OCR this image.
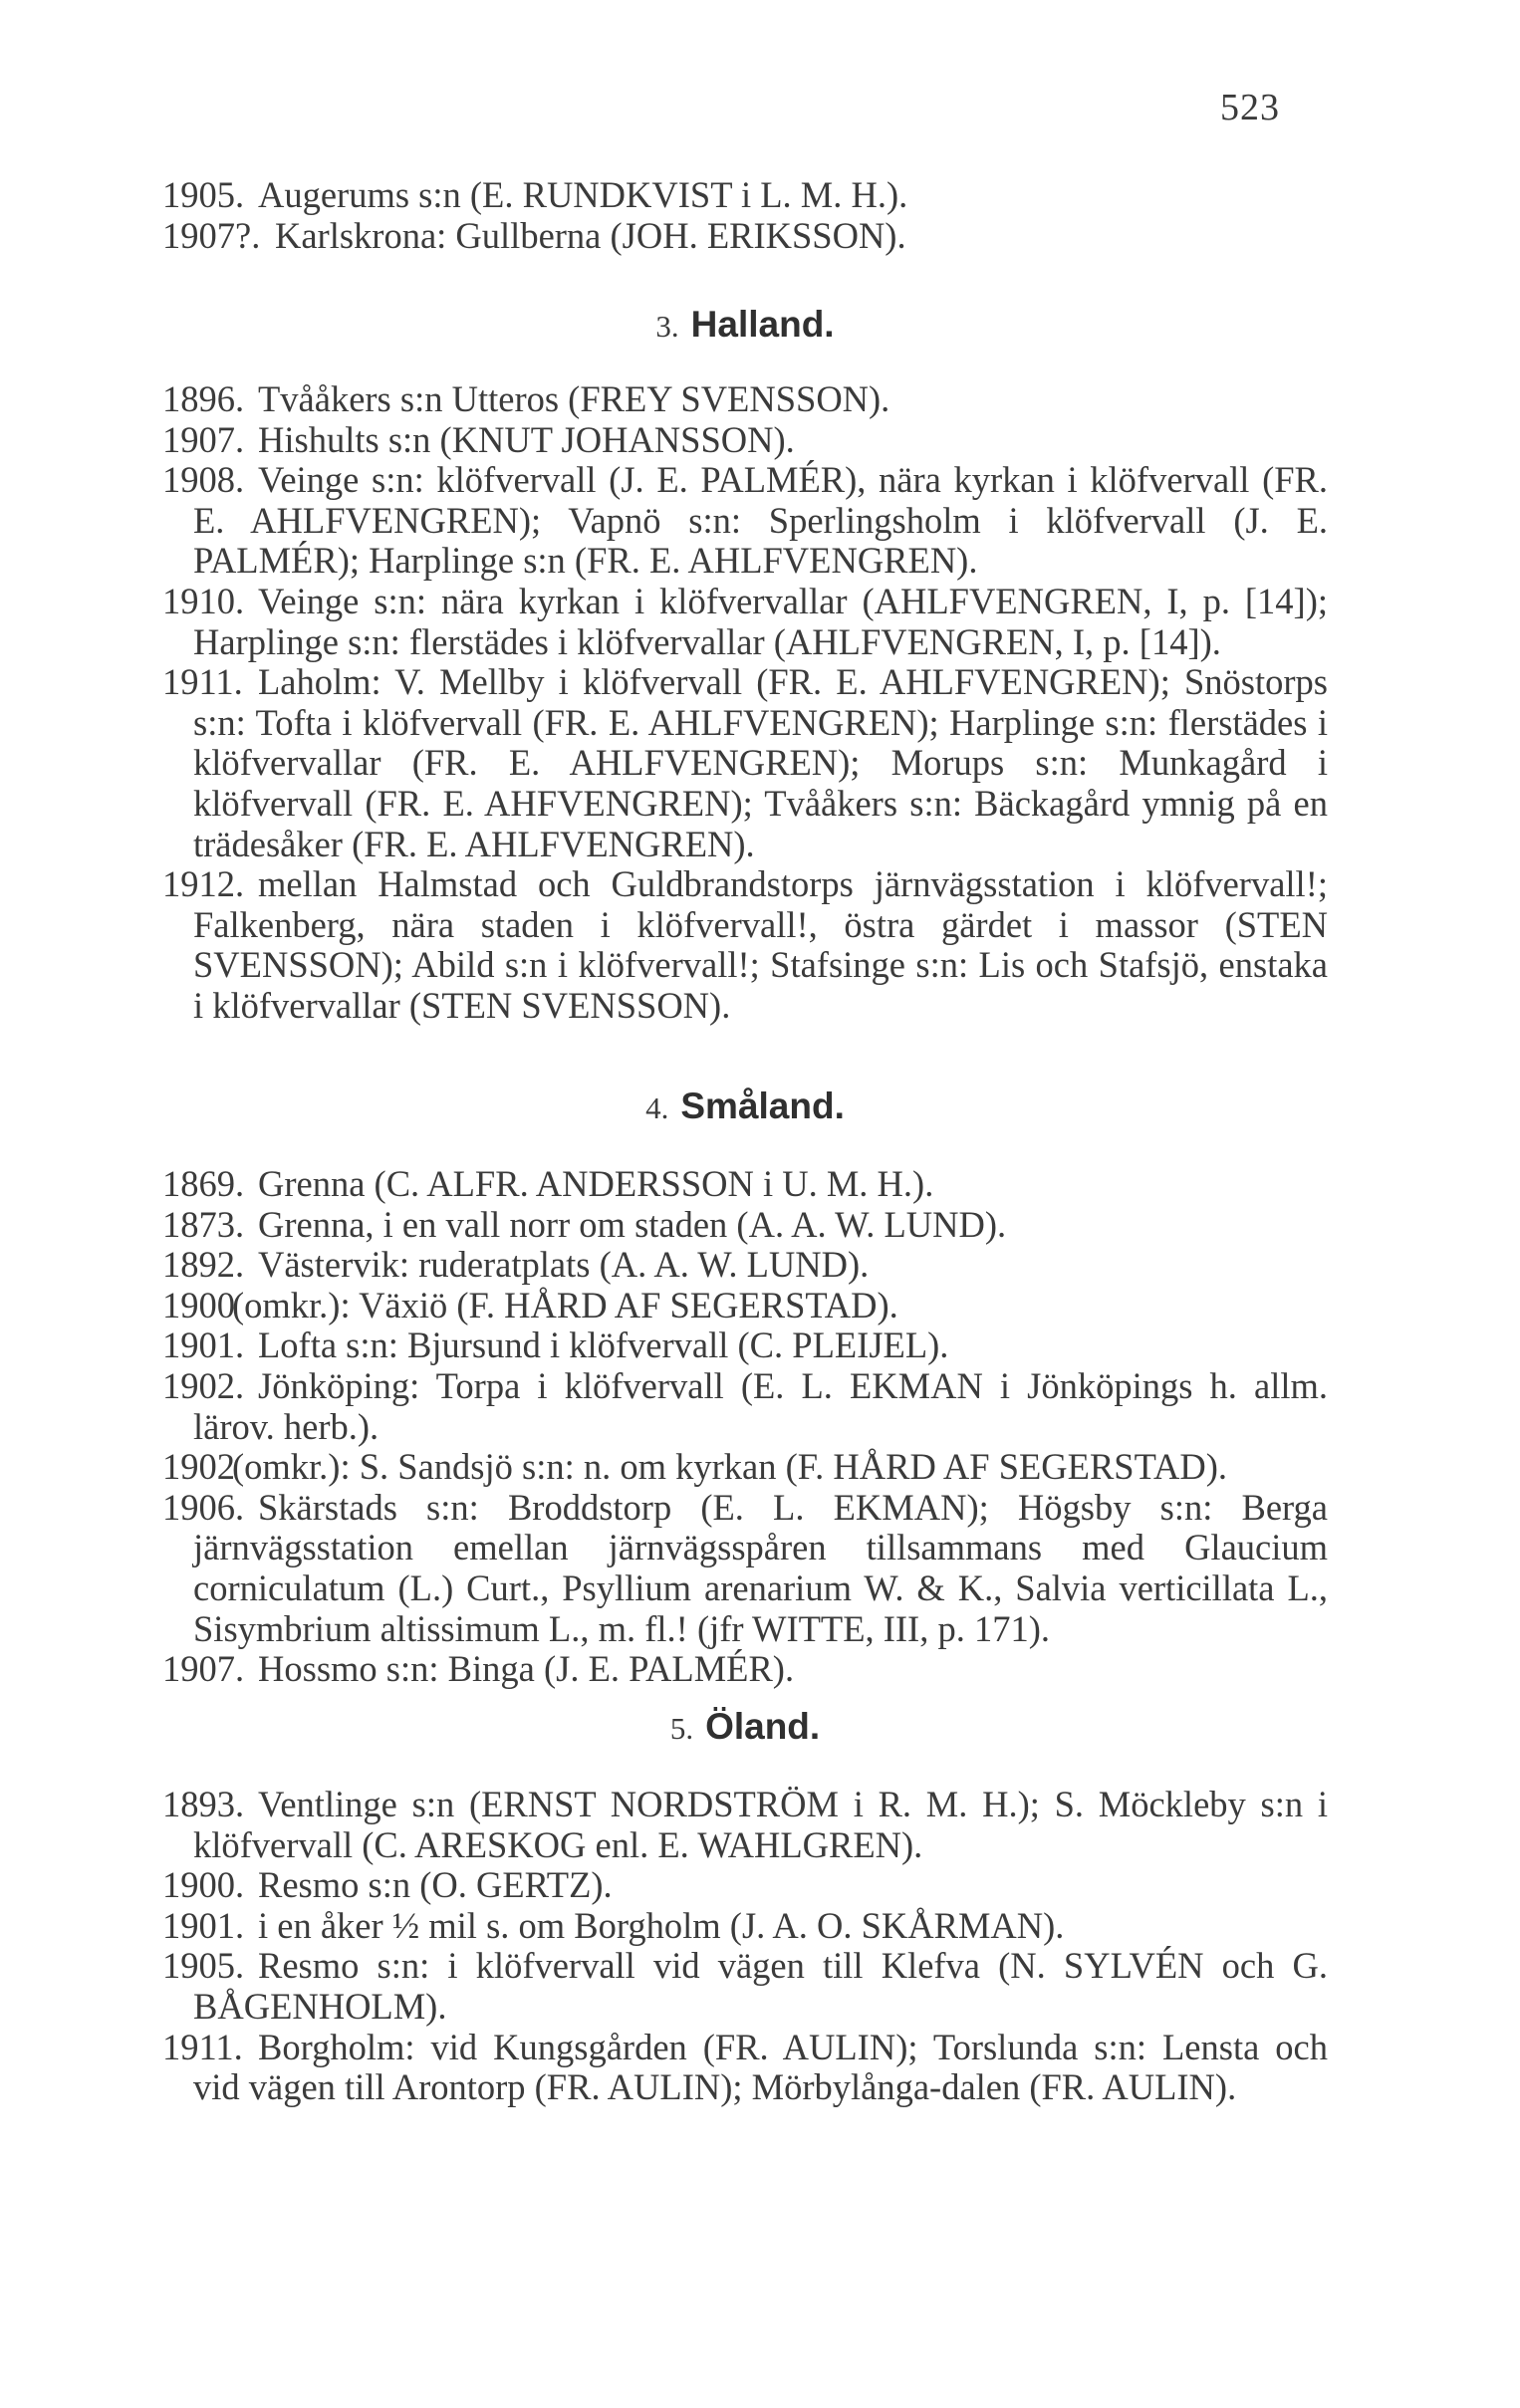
523
1905. Augerums s:n (E. RUNDKVIST i L. M. H.).
1907?. Karlskrona: Gullberna (JOH. ERIKSSON).
3. Halland.
1896. Tvååkers s:n Utteros (FREY SVENSSON).
1907. Hishults s:n (KNUT JOHANSSON).
1908. Veinge s:n: klöfvervall (J. E. PALMÉR), nära kyrkan i klöfvervall (FR. E. AHLFVENGREN); Vapnö s:n: Sperlingsholm i klöfvervall (J. E. PALMÉR); Harplinge s:n (FR. E. AHLFVENGREN).
1910. Veinge s:n: nära kyrkan i klöfvervallar (AHLFVENGREN, I, p. [14]); Harplinge s:n: flerstädes i klöfvervallar (AHLFVENGREN, I, p. [14]).
1911. Laholm: V. Mellby i klöfvervall (FR. E. AHLFVENGREN); Snöstorps s:n: Tofta i klöfvervall (FR. E. AHLFVENGREN); Harplinge s:n: flerstädes i klöfvervallar (FR. E. AHLFVENGREN); Morups s:n: Munkagård i klöfvervall (FR. E. AHFVENGREN); Tvååkers s:n: Bäckagård ymnig på en trädesåker (FR. E. AHLFVENGREN).
1912. mellan Halmstad och Guldbrandstorps järnvägsstation i klöfvervall!; Falkenberg, nära staden i klöfvervall!, östra gärdet i massor (STEN SVENSSON); Abild s:n i klöfvervall!; Stafsinge s:n: Lis och Stafsjö, enstaka i klöfvervallar (STEN SVENSSON).
4. Småland.
1869. Grenna (C. ALFR. ANDERSSON i U. M. H.).
1873. Grenna, i en vall norr om staden (A. A. W. LUND).
1892. Västervik: ruderatplats (A. A. W. LUND).
1900
(omkr.): Växiö (F. HÅRD AF SEGERSTAD).
1901. Lofta s:n: Bjursund i klöfvervall (C. PLEIJEL).
1902. Jönköping: Torpa i klöfvervall (E. L. EKMAN i Jönköpings h. allm. lärov. herb.).
1902
(omkr.): S. Sandsjö s:n: n. om kyrkan (F. HÅRD AF SEGERSTAD).
1906. Skärstads s:n: Broddstorp (E. L. EKMAN); Högsby s:n: Berga järnvägsstation emellan järnvägsspåren tillsammans med Glaucium corniculatum (L.) Curt., Psyllium arenarium W. & K., Salvia verticillata L., Sisymbrium altissimum L., m. fl.! (jfr WITTE, III, p. 171).
1907. Hossmo s:n: Binga (J. E. PALMÉR).
5. Öland.
1893. Ventlinge s:n (ERNST NORDSTRÖM i R. M. H.); S. Möckleby s:n i klöfvervall (C. ARESKOG enl. E. WAHLGREN).
1900. Resmo s:n (O. GERTZ).
1901. i en åker ½ mil s. om Borgholm (J. A. O. SKÅRMAN).
1905. Resmo s:n: i klöfvervall vid vägen till Klefva (N. SYLVÉN och G. BÅGENHOLM).
1911. Borgholm: vid Kungsgården (FR. AULIN); Torslunda s:n: Lensta och vid vägen till Arontorp (FR. AULIN); Mörbylånga-dalen (FR. AULIN).
